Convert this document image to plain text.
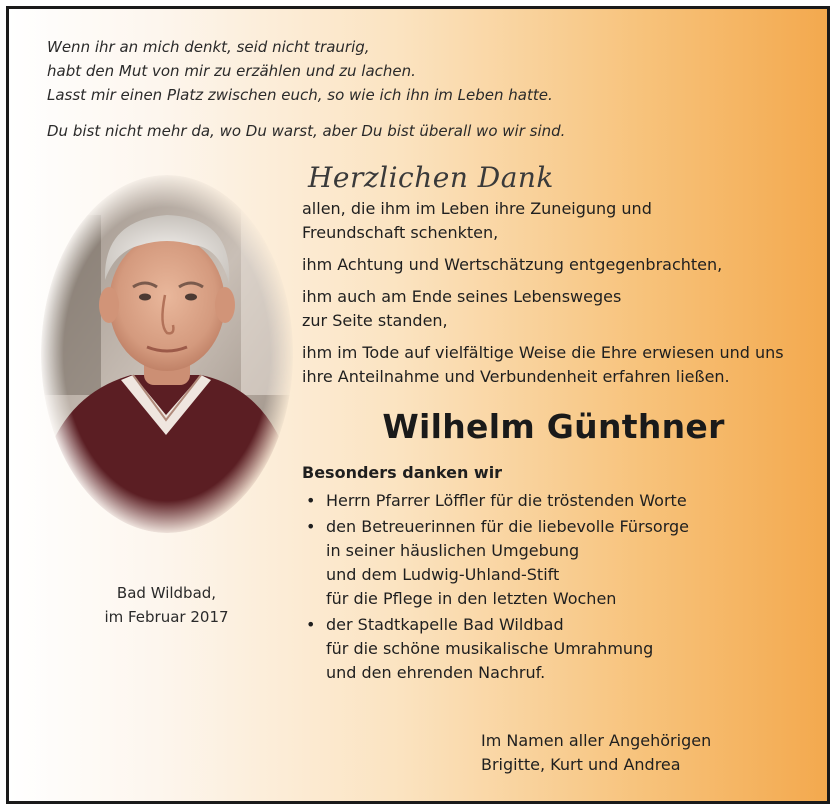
Wenn ihr an mich denkt, seid nicht traurig,
habt den Mut von mir zu erzählen und zu lachen.
Lasst mir einen Platz zwischen euch, so wie ich ihn im Leben hatte.
Du bist nicht mehr da, wo Du warst, aber Du bist überall wo wir sind.
Bad Wildbad,
im Februar 2017
Herzlichen Dank
allen, die ihm im Leben ihre Zuneigung und
Freundschaft schenkten,
ihm Achtung und Wertschätzung entgegenbrachten,
ihm auch am Ende seines Lebensweges
zur Seite standen,
ihm im Tode auf vielfältige Weise die Ehre erwiesen und uns
ihre Anteilnahme und Verbundenheit erfahren ließen.
Wilhelm Günthner
Besonders danken wir
• Herrn Pfarrer Löffler für die tröstenden Worte
• den Betreuerinnen für die liebevolle Fürsorge
in seiner häuslichen Umgebung
und dem Ludwig-Uhland-Stift
für die Pflege in den letzten Wochen
• der Stadtkapelle Bad Wildbad
für die schöne musikalische Umrahmung
und den ehrenden Nachruf.
Im Namen aller Angehörigen
Brigitte, Kurt und Andrea
